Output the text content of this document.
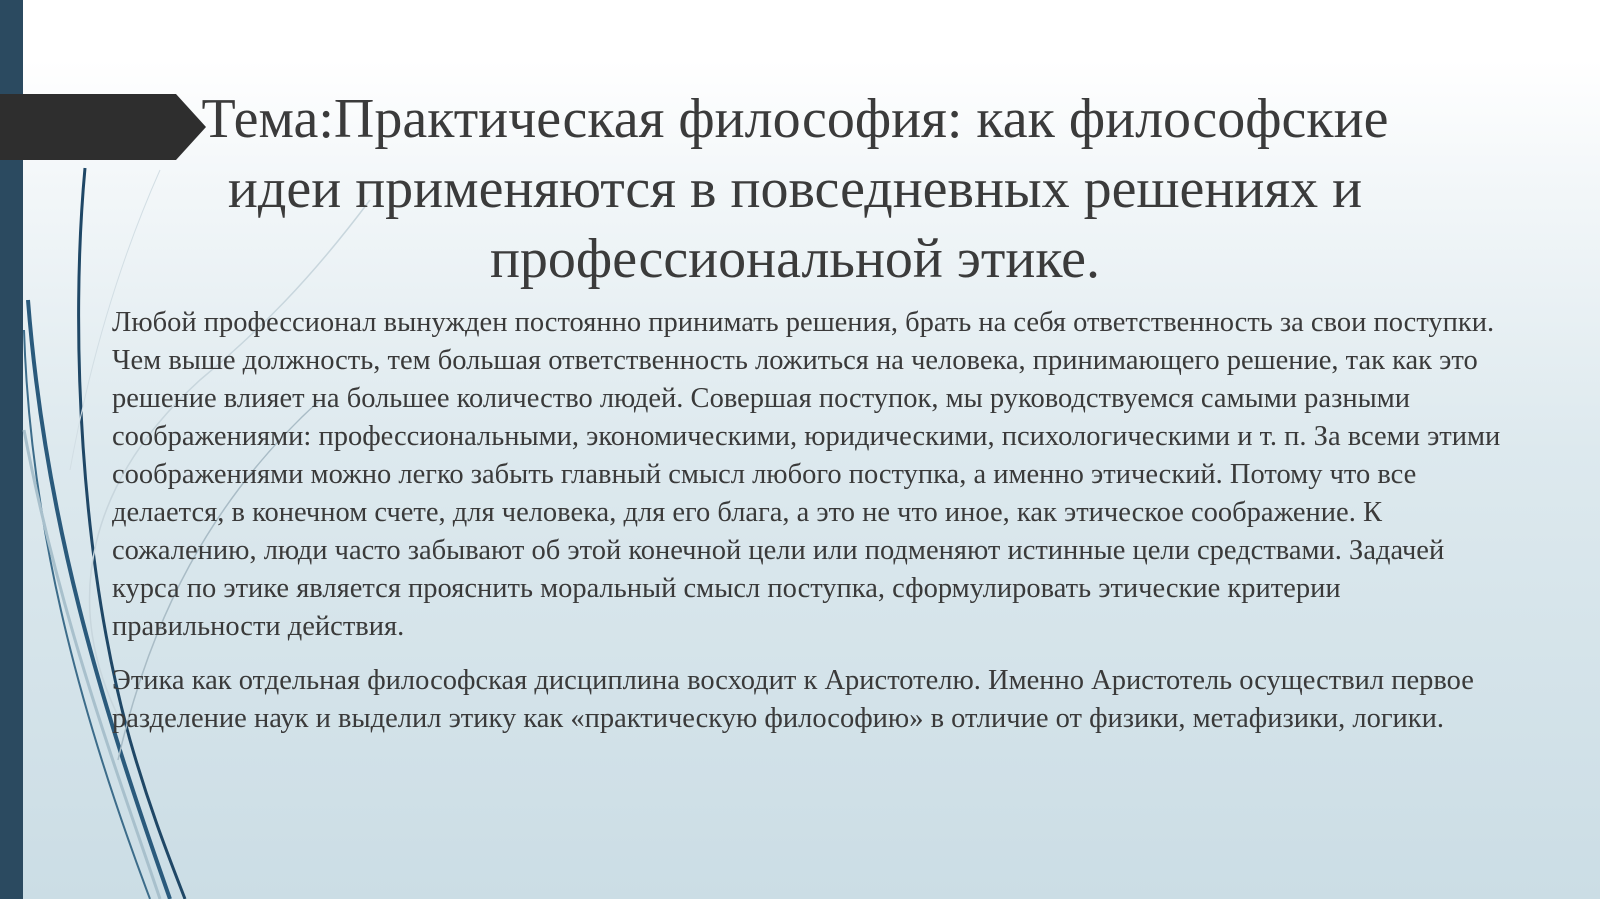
Тема:Практическая философия: как философские идеи применяются в повседневных решениях и профессиональной этике.

Любой профессионал вынужден постоянно принимать решения, брать на себя ответственность за свои поступки. Чем выше должность, тем большая ответственность ложиться на человека, принимающего решение, так как это решение влияет на большее количество людей. Совершая поступок, мы руководствуемся самыми разными соображениями: профессиональными, экономическими, юридическими, психологическими и т. п. За всеми этими соображениями можно легко забыть главный смысл любого поступка, а именно этический. Потому что все делается, в конечном счете, для человека, для его блага, а это не что иное, как этическое соображение. К сожалению, люди часто забывают об этой конечной цели или подменяют истинные цели средствами. Задачей курса по этике является прояснить моральный смысл поступка, сформулировать этические критерии правильности действия.

Этика как отдельная философская дисциплина восходит к Аристотелю. Именно Аристотель осуществил первое разделение наук и выделил этику как «практическую философию» в отличие от физики, метафизики, логики.
